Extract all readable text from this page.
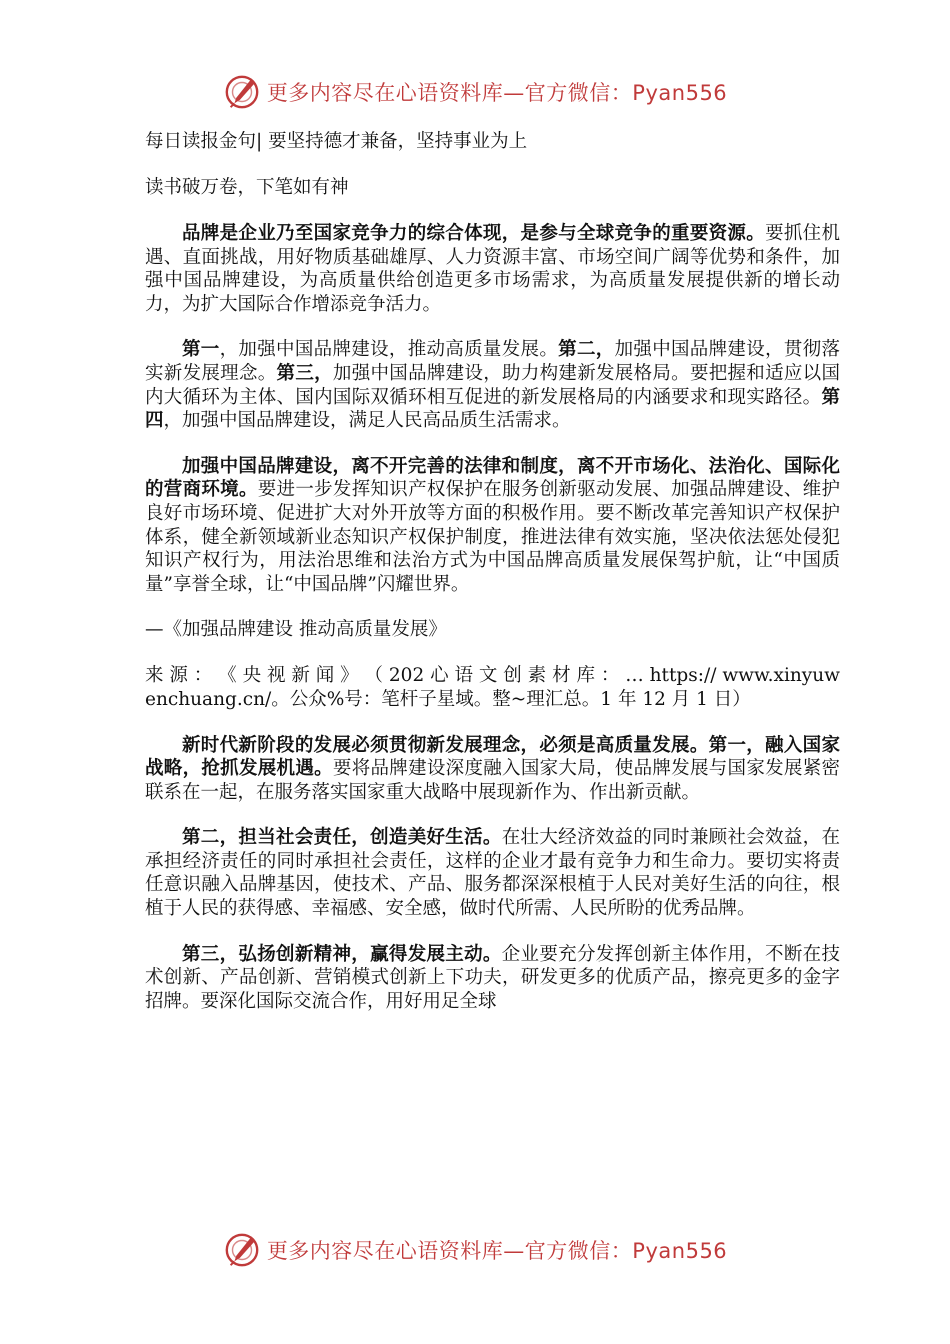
更多内容尽在心语资料库—官方微信：Pyan556

每日读报金句| 要坚持德才兼备，坚持事业为上

读书破万卷，下笔如有神

品牌是企业乃至国家竞争力的综合体现，是参与全球竞争的重要资源。要抓住机遇、直面挑战，用好物质基础雄厚、人力资源丰富、市场空间广阔等优势和条件，加强中国品牌建设，为高质量供给创造更多市场需求，为高质量发展提供新的增长动力，为扩大国际合作增添竞争活力。

第一，加强中国品牌建设，推动高质量发展。第二，加强中国品牌建设，贯彻落实新发展理念。第三，加强中国品牌建设，助力构建新发展格局。要把握和适应以国内大循环为主体、国内国际双循环相互促进的新发展格局的内涵要求和现实路径。第四，加强中国品牌建设，满足人民高品质生活需求。

加强中国品牌建设，离不开完善的法律和制度，离不开市场化、法治化、国际化的营商环境。要进一步发挥知识产权保护在服务创新驱动发展、加强品牌建设、维护良好市场环境、促进扩大对外开放等方面的积极作用。要不断改革完善知识产权保护体系，健全新领域新业态知识产权保护制度，推进法律有效实施，坚决依法惩处侵犯知识产权行为，用法治思维和法治方式为中国品牌高质量发展保驾护航，让“中国质量”享誉全球，让“中国品牌”闪耀世界。

—《加强品牌建设 推动高质量发展》

来 源 ： 《 央 视 新 闻 》 （ 202 心 语 文 创 素 材 库 ： … https:// www.xinyuwenchuang.cn/。公众%号：笔杆子星域。整~理汇总。1 年 12 月 1 日）

新时代新阶段的发展必须贯彻新发展理念，必须是高质量发展。第一，融入国家战略，抢抓发展机遇。要将品牌建设深度融入国家大局，使品牌发展与国家发展紧密联系在一起，在服务落实国家重大战略中展现新作为、作出新贡献。

第二，担当社会责任，创造美好生活。在壮大经济效益的同时兼顾社会效益，在承担经济责任的同时承担社会责任，这样的企业才最有竞争力和生命力。要切实将责任意识融入品牌基因，使技术、产品、服务都深深根植于人民对美好生活的向往，根植于人民的获得感、幸福感、安全感，做时代所需、人民所盼的优秀品牌。

第三，弘扬创新精神，赢得发展主动。企业要充分发挥创新主体作用，不断在技术创新、产品创新、营销模式创新上下功夫，研发更多的优质产品，擦亮更多的金字招牌。要深化国际交流合作，用好用足全球

更多内容尽在心语资料库—官方微信：Pyan556
